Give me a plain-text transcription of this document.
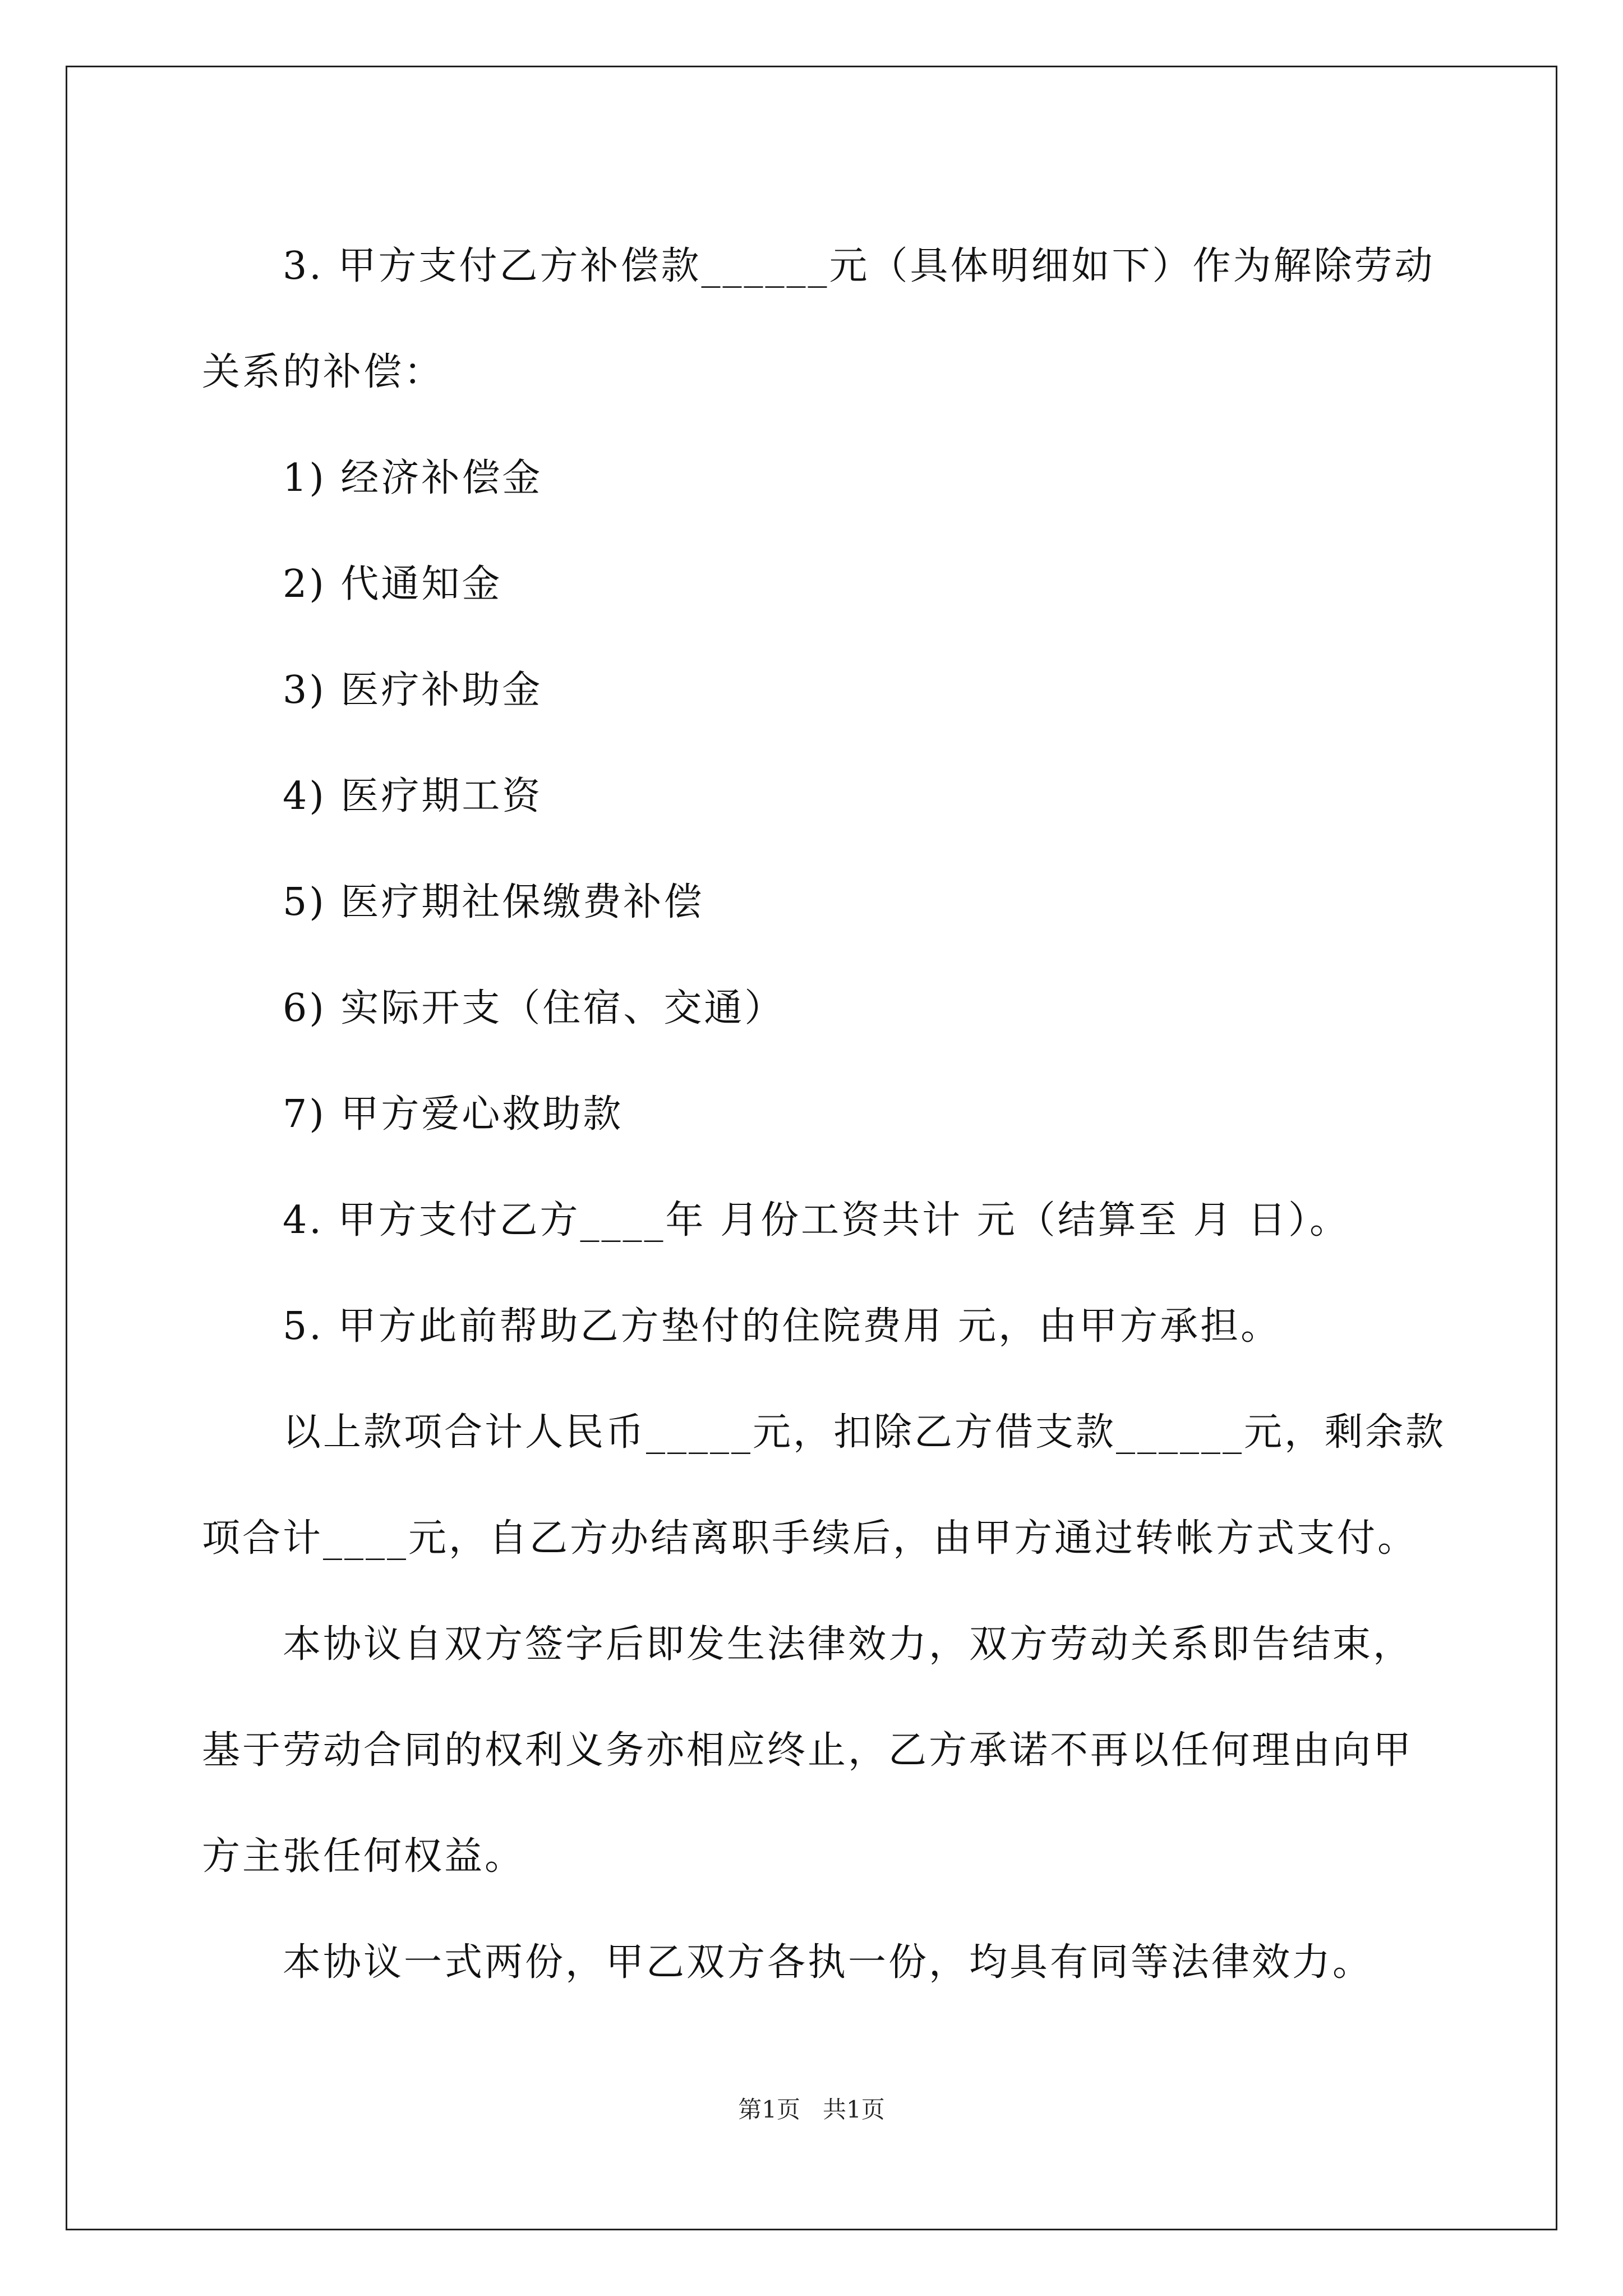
3. 甲方支付乙方补偿款______元（具体明细如下）作为解除劳动

关系的补偿：

1) 经济补偿金

2) 代通知金

3) 医疗补助金

4) 医疗期工资

5) 医疗期社保缴费补偿

6) 实际开支（住宿、交通）

7) 甲方爱心救助款

4. 甲方支付乙方____年 月份工资共计 元（结算至 月 日）。

5. 甲方此前帮助乙方垫付的住院费用 元，由甲方承担。

以上款项合计人民币_____元，扣除乙方借支款______元，剩余款

项合计____元，自乙方办结离职手续后，由甲方通过转帐方式支付。

本协议自双方签字后即发生法律效力，双方劳动关系即告结束，

基于劳动合同的权利义务亦相应终止，乙方承诺不再以任何理由向甲

方主张任何权益。

本协议一式两份，甲乙双方各执一份，均具有同等法律效力。

第1页   共1页
